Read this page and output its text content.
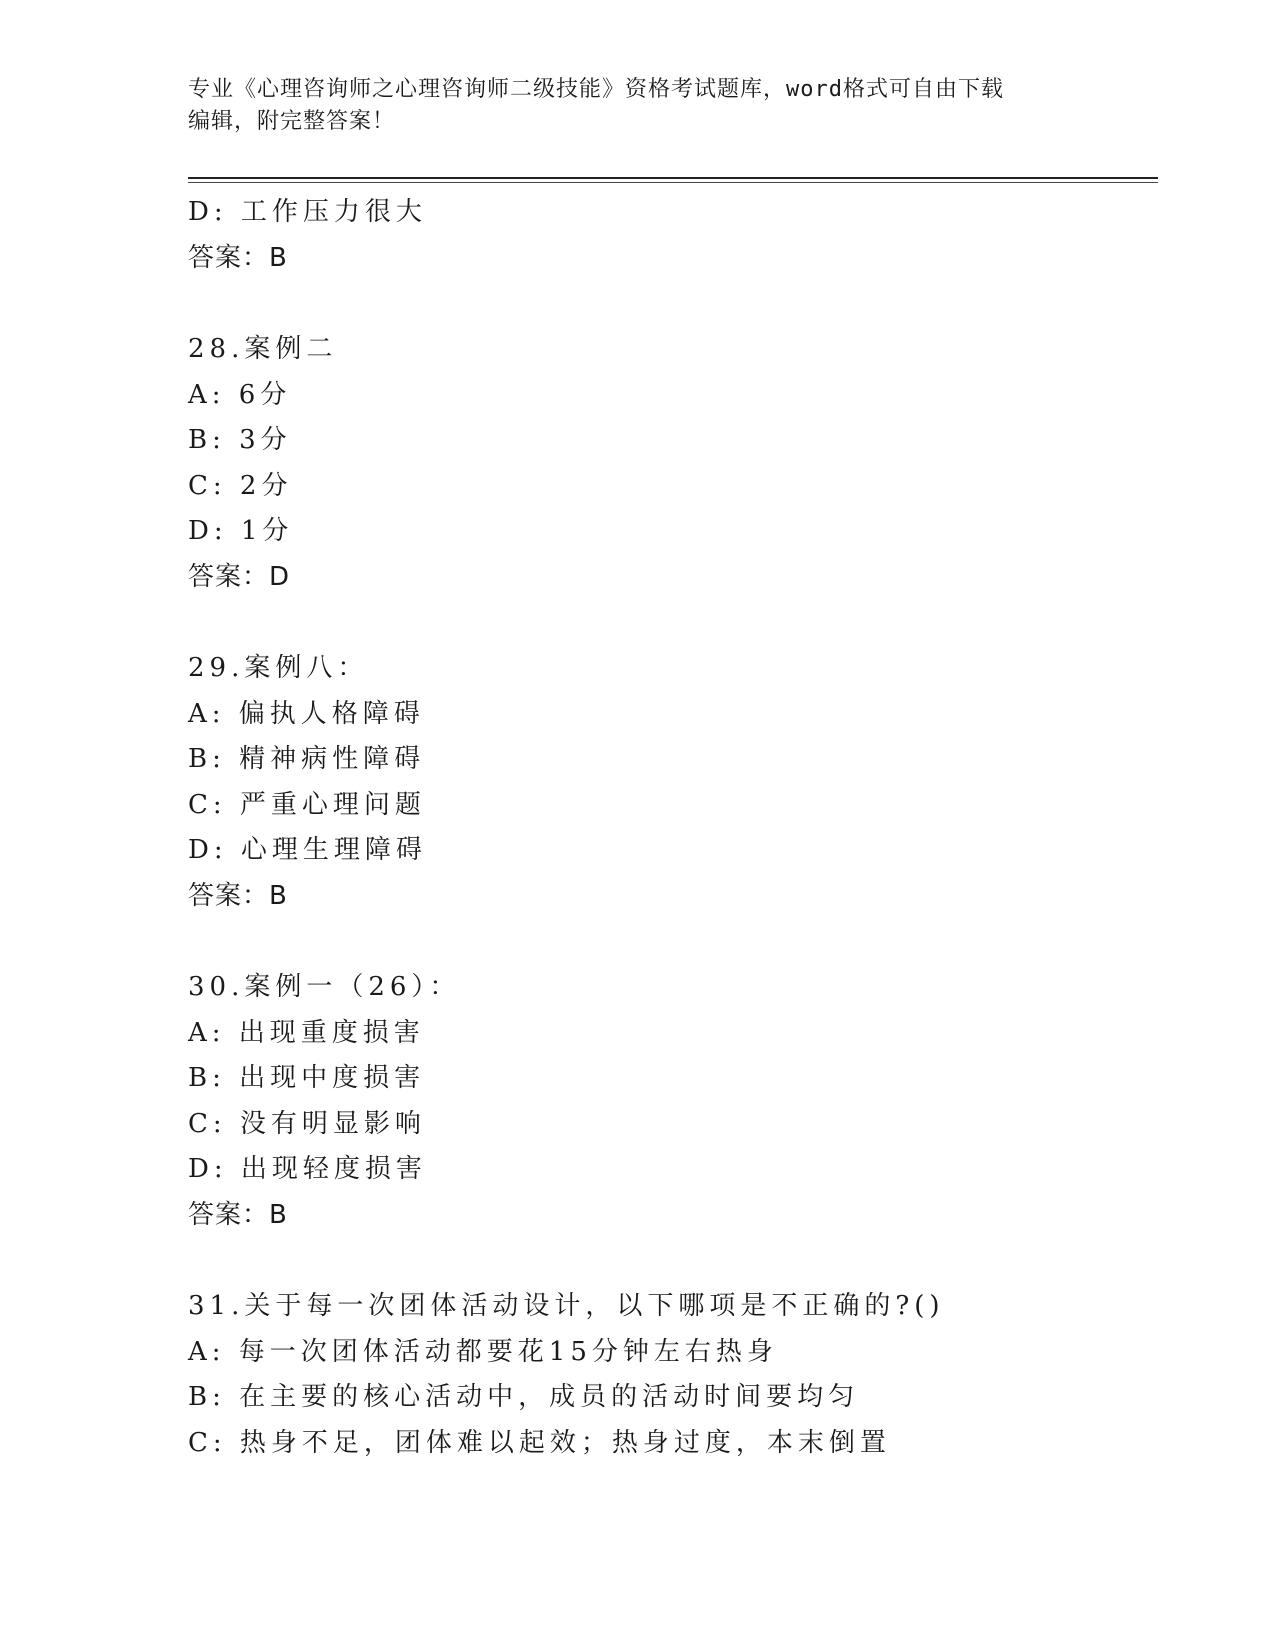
专业《心理咨询师之心理咨询师二级技能》资格考试题库，word格式可自由下载
编辑，附完整答案！
D: 工作压力很大
答案：B
28.案例二
A: 6分
B: 3分
C: 2分
D: 1分
答案：D
29.案例八：
A: 偏执人格障碍
B: 精神病性障碍
C: 严重心理问题
D: 心理生理障碍
答案：B
30.案例一（26）：
A: 出现重度损害
B: 出现中度损害
C: 没有明显影响
D: 出现轻度损害
答案：B
31.关于每一次团体活动设计，以下哪项是不正确的?()
A: 每一次团体活动都要花15分钟左右热身
B: 在主要的核心活动中，成员的活动时间要均匀
C: 热身不足，团体难以起效；热身过度，本末倒置
